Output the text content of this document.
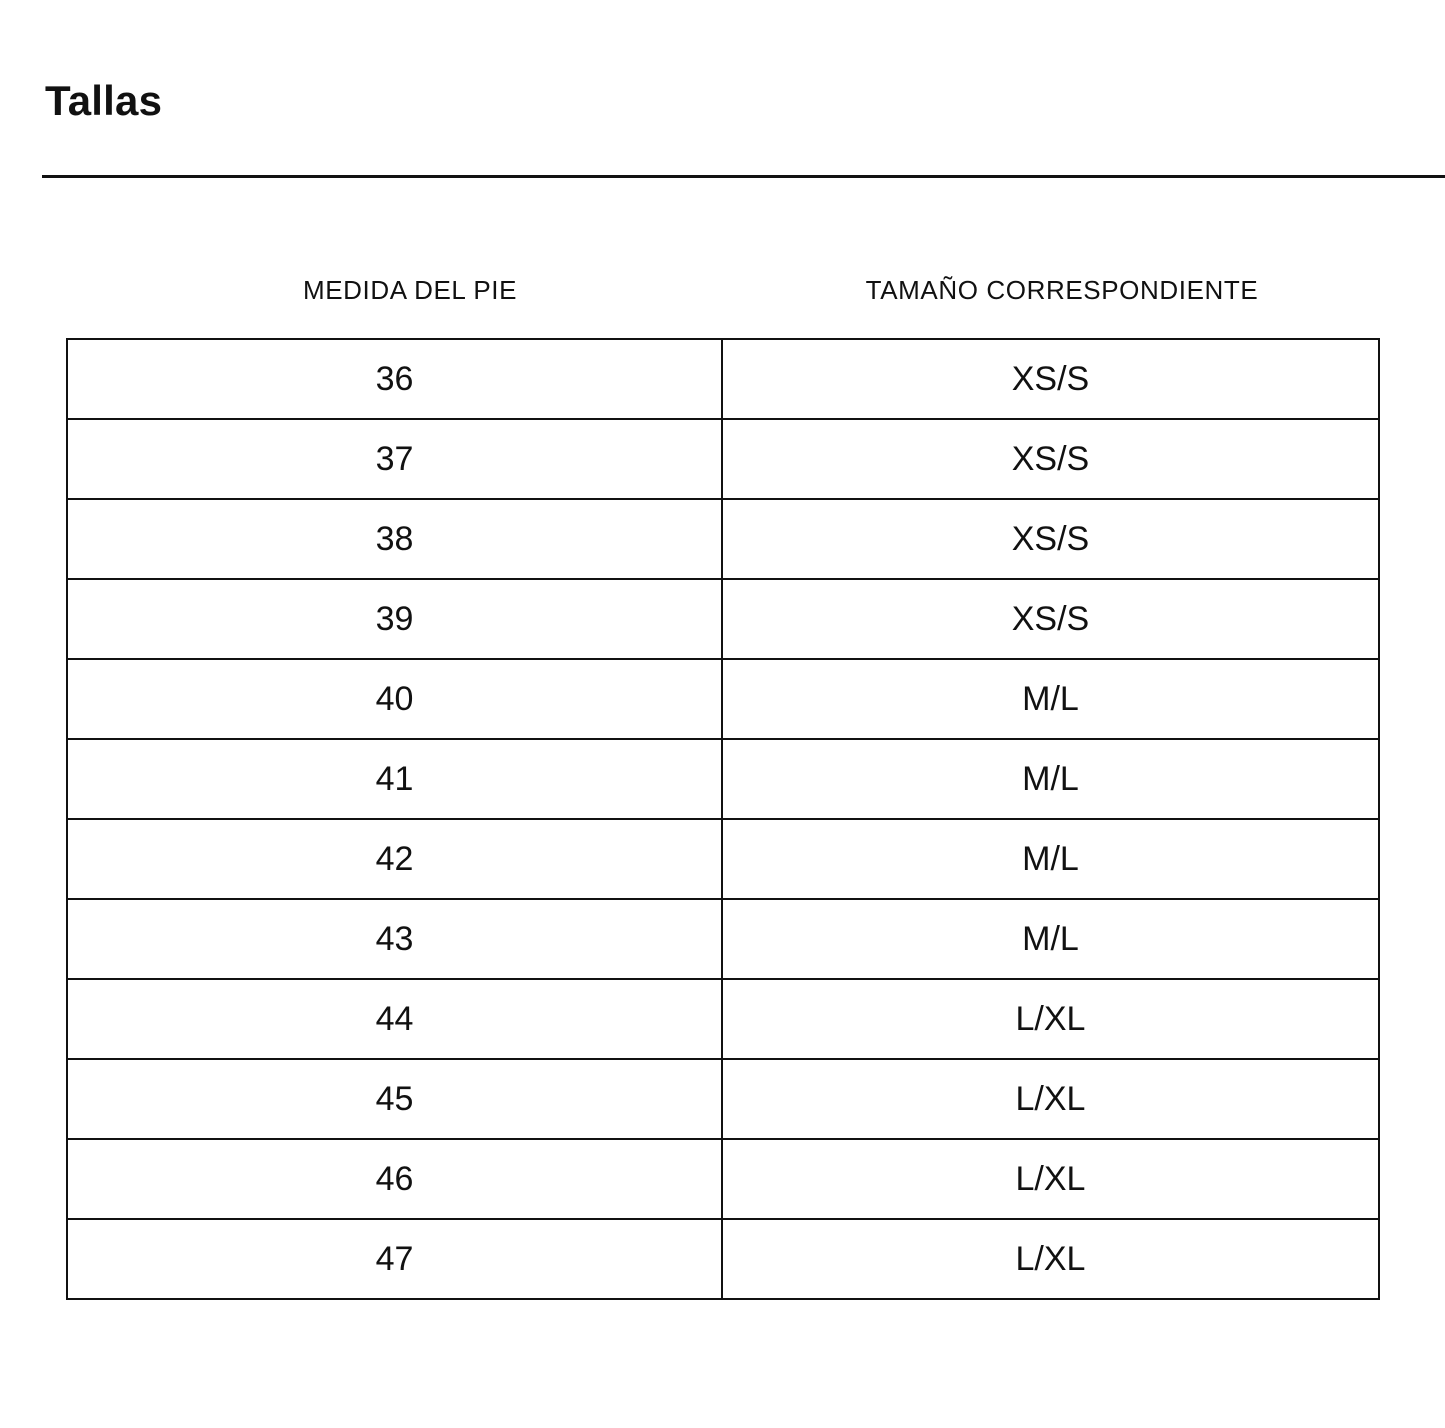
Tallas
MEDIDA DEL PIE	TAMAÑO CORRESPONDIENTE
36	XS/S
37	XS/S
38	XS/S
39	XS/S
40	M/L
41	M/L
42	M/L
43	M/L
44	L/XL
45	L/XL
46	L/XL
47	L/XL
